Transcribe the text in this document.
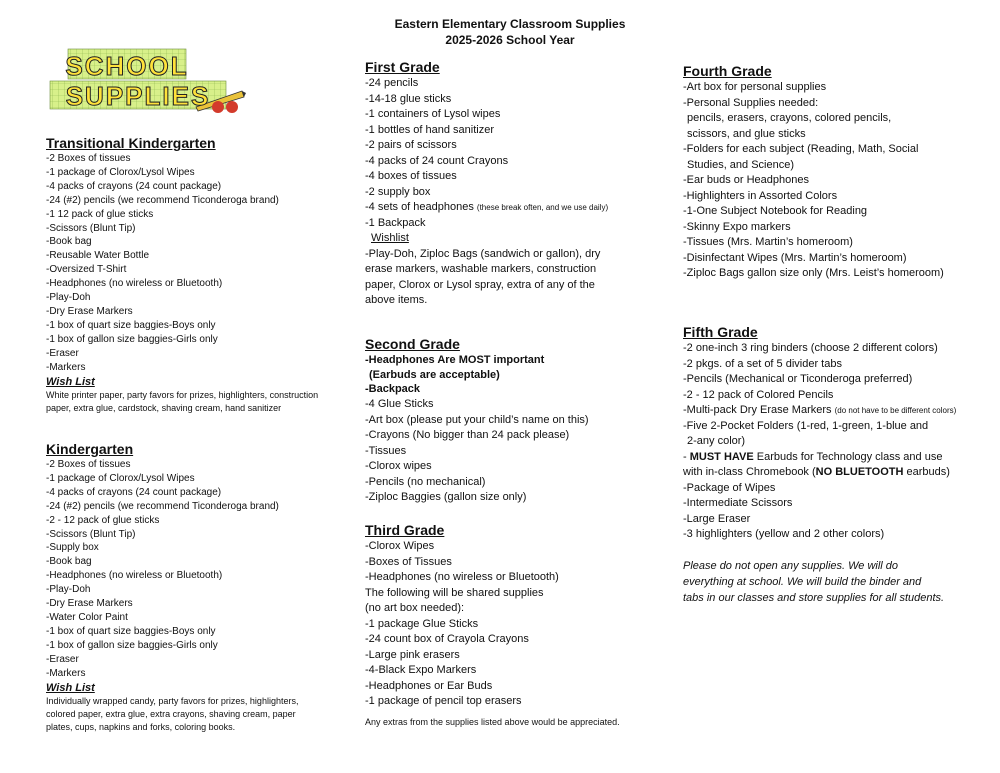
Eastern Elementary Classroom Supplies
2025-2026 School Year
SCHOOL
SUPPLIES
Transitional Kindergarten
-2 Boxes of tissues
-1 package of Clorox/Lysol Wipes
-4 packs of crayons (24 count package)
-24 (#2) pencils (we recommend Ticonderoga brand)
-1 12 pack of glue sticks
-Scissors (Blunt Tip)
-Book bag
-Reusable Water Bottle
-Oversized T-Shirt
-Headphones (no wireless or Bluetooth)
-Play-Doh
-Dry Erase Markers
-1 box of quart size baggies-Boys only
-1 box of gallon size baggies-Girls only
-Eraser
-Markers
Wish List
White printer paper, party favors for prizes, highlighters, construction paper, extra glue, cardstock, shaving cream, hand sanitizer
Kindergarten
-2 Boxes of tissues
-1 package of Clorox/Lysol Wipes
-4 packs of crayons (24 count package)
-24 (#2) pencils (we recommend Ticonderoga brand)
-2 - 12 pack of glue sticks
-Scissors (Blunt Tip)
-Supply box
-Book bag
-Headphones (no wireless or Bluetooth)
-Play-Doh
-Dry Erase Markers
-Water Color Paint
-1 box of quart size baggies-Boys only
-1 box of gallon size baggies-Girls only
-Eraser
-Markers
Wish List
Individually wrapped candy, party favors for prizes, highlighters, colored paper, extra glue, extra crayons, shaving cream, paper plates, cups, napkins and forks, coloring books.
First Grade
-24 pencils
-14-18 glue sticks
-1 containers of Lysol wipes
-1 bottles of hand sanitizer
-2 pairs of scissors
-4 packs of 24 count Crayons
-4 boxes of tissues
-2 supply box
-4 sets of headphones (these break often, and we use daily)
-1 Backpack
Wishlist
-Play-Doh, Ziploc Bags (sandwich or gallon), dry
erase markers, washable markers, construction
paper, Clorox or Lysol spray, extra of any of the
above items.
Second Grade
-Headphones Are MOST important
(Earbuds are acceptable)
-Backpack
-4 Glue Sticks
-Art box (please put your child’s name on this)
-Crayons (No bigger than 24 pack please)
-Tissues
-Clorox wipes
-Pencils (no mechanical)
-Ziploc Baggies (gallon size only)
Third Grade
-Clorox Wipes
-Boxes of Tissues
-Headphones (no wireless or Bluetooth)
The following will be shared supplies
(no art box needed):
-1 package Glue Sticks
-24 count box of Crayola Crayons
-Large pink erasers
-4-Black Expo Markers
-Headphones or Ear Buds
-1 package of pencil top erasers
Any extras from the supplies listed above would be appreciated.
Fourth Grade
-Art box for personal supplies
-Personal Supplies needed:
pencils, erasers, crayons, colored pencils,
scissors, and glue sticks
-Folders for each subject (Reading, Math, Social
Studies, and Science)
-Ear buds or Headphones
-Highlighters in Assorted Colors
-1-One Subject Notebook for Reading
-Skinny Expo markers
-Tissues (Mrs. Martin’s homeroom)
-Disinfectant Wipes (Mrs. Martin’s homeroom)
-Ziploc Bags gallon size only (Mrs. Leist’s homeroom)
Fifth Grade
-2 one-inch 3 ring binders (choose 2 different colors)
-2 pkgs. of a set of 5 divider tabs
-Pencils (Mechanical or Ticonderoga preferred)
-2 - 12 pack of Colored Pencils
-Multi-pack Dry Erase Markers (do not have to be different colors)
-Five 2-Pocket Folders (1-red, 1-green, 1-blue and
2-any color)
- MUST HAVE Earbuds for Technology class and use
with in-class Chromebook (NO BLUETOOTH earbuds)
-Package of Wipes
-Intermediate Scissors
-Large Eraser
-3 highlighters (yellow and 2 other colors)
Please do not open any supplies. We will do
everything at school. We will build the binder and
tabs in our classes and store supplies for all students.
